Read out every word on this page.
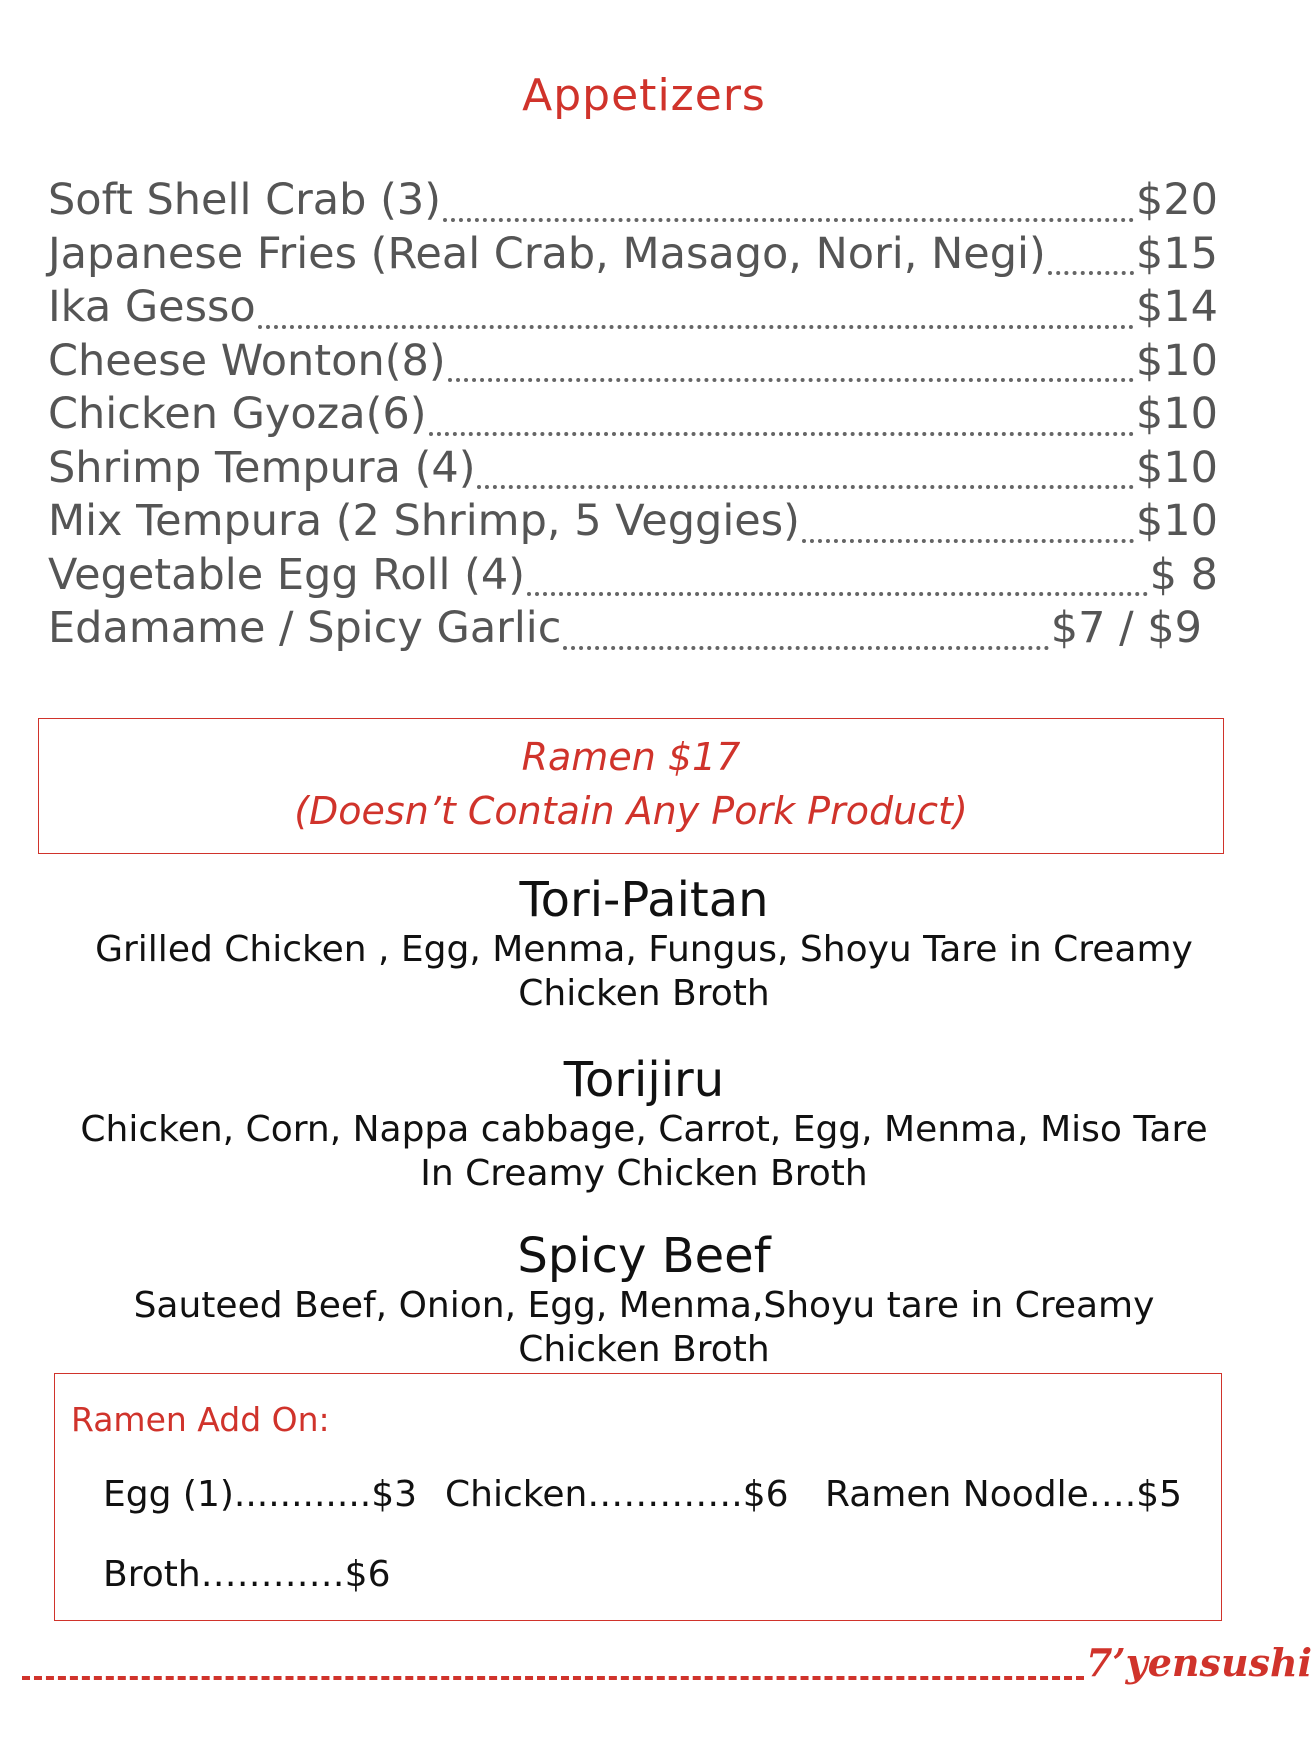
Appetizers
Soft Shell Crab (3)	$20
Japanese Fries (Real Crab, Masago, Nori, Negi) $15
Ika Gesso	$14
Cheese Wonton(8)	$10
Chicken Gyoza(6)	$10
Shrimp Tempura (4)	$10
Mix Tempura (2 Shrimp, 5 Veggies)	$10
Vegetable Egg Roll (4)	$ 8
Edamame / Spicy Garlic	$7 / $9
Ramen $17
(Doesn’t Contain Any Pork Product)
Tori-Paitan
Grilled Chicken , Egg, Menma, Fungus, Shoyu Tare in Creamy Chicken Broth
Torijiru
Chicken, Corn, Nappa cabbage, Carrot, Egg, Menma, Miso Tare In Creamy Chicken Broth
Spicy Beef
Sauteed Beef, Onion, Egg, Menma,Shoyu tare in Creamy Chicken Broth
Ramen Add On:
Egg (1)............$3 Chicken………….$6 Ramen Noodle….$5
Broth…………$6
7’yensushi
